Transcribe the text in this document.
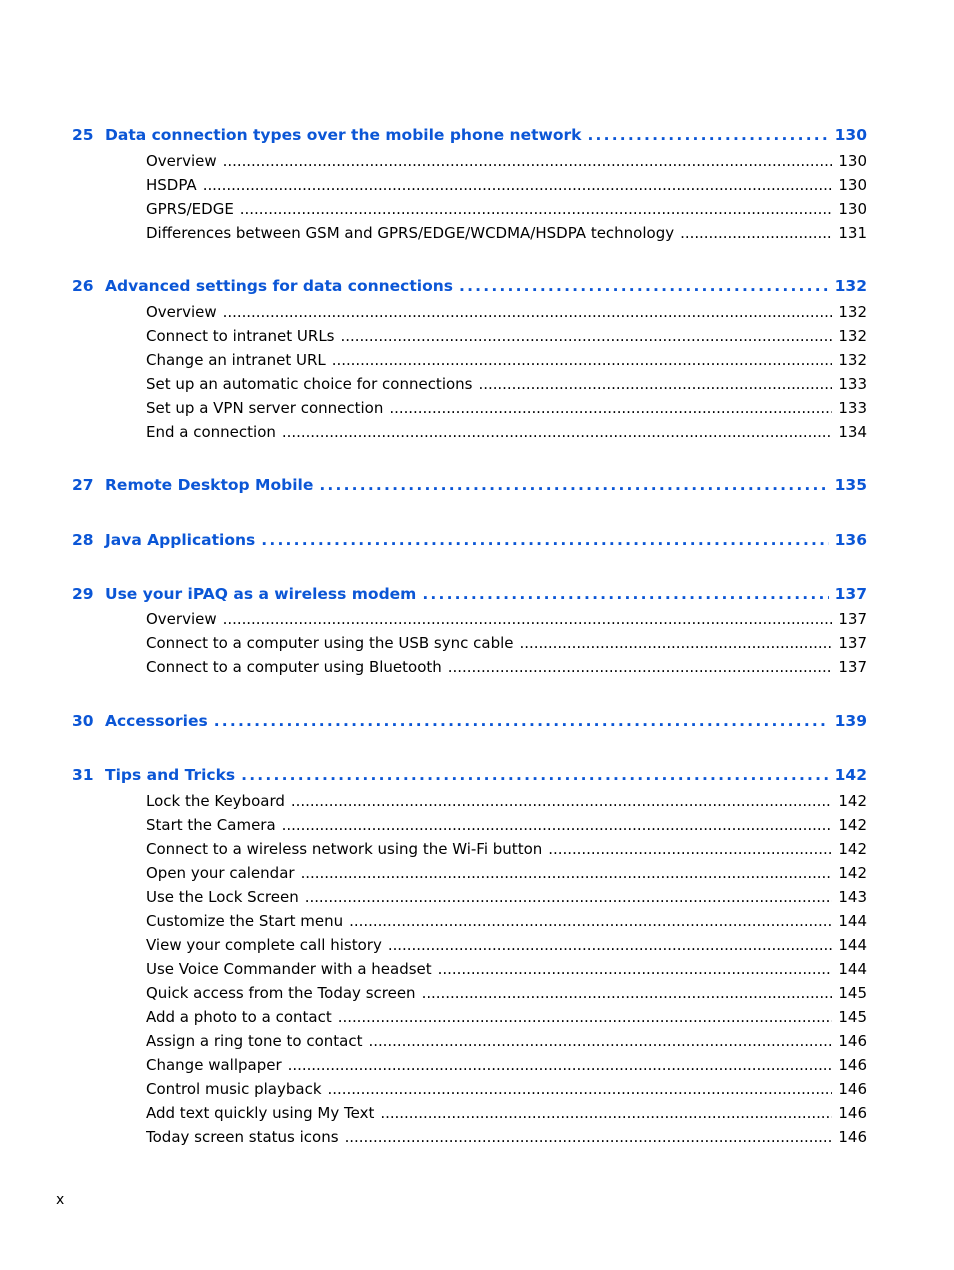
25 Data connection types over the mobile phone network . . .	130
Overview . . .	130
HSDPA . . .	130
GPRS/EDGE . . .	130
Differences between GSM and GPRS/EDGE/WCDMA/HSDPA technology . . .	131
26 Advanced settings for data connections . . .	132
Overview . . .	132
Connect to intranet URLs . . .	132
Change an intranet URL . . .	132
Set up an automatic choice for connections . . .	133
Set up a VPN server connection . . .	133
End a connection . . .	134
27 Remote Desktop Mobile . . .	135
28 Java Applications . . .	136
29 Use your iPAQ as a wireless modem . . .	137
Overview . . .	137
Connect to a computer using the USB sync cable . . .	137
Connect to a computer using Bluetooth . . .	137
30 Accessories . . .	139
31 Tips and Tricks . . .	142
Lock the Keyboard . . .	142
Start the Camera . . .	142
Connect to a wireless network using the Wi-Fi button . . .	142
Open your calendar . . .	142
Use the Lock Screen . . .	143
Customize the Start menu . . .	144
View your complete call history . . .	144
Use Voice Commander with a headset . . .	144
Quick access from the Today screen . . .	145
Add a photo to a contact . . .	145
Assign a ring tone to contact . . .	146
Change wallpaper . . .	146
Control music playback . . .	146
Add text quickly using My Text . . .	146
Today screen status icons . . .	146
x
